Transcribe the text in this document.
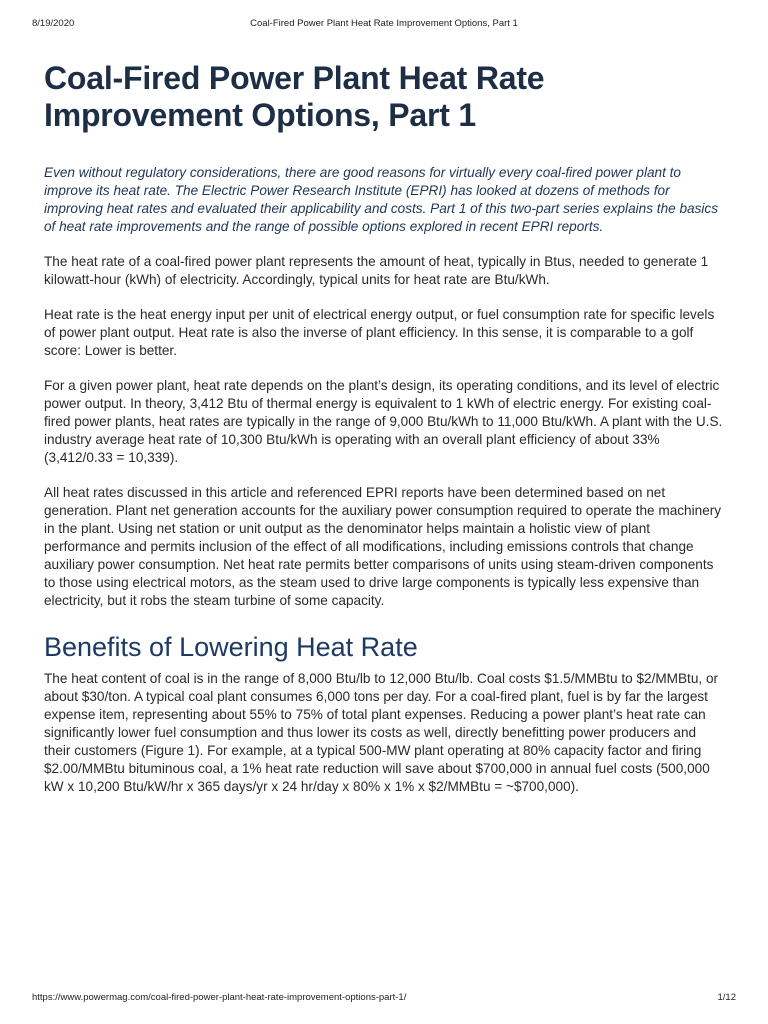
8/19/2020	Coal-Fired Power Plant Heat Rate Improvement Options, Part 1
Coal-Fired Power Plant Heat Rate Improvement Options, Part 1

Even without regulatory considerations, there are good reasons for virtually every coal-fired power plant to improve its heat rate. The Electric Power Research Institute (EPRI) has looked at dozens of methods for improving heat rates and evaluated their applicability and costs. Part 1 of this two-part series explains the basics of heat rate improvements and the range of possible options explored in recent EPRI reports.

The heat rate of a coal-fired power plant represents the amount of heat, typically in Btus, needed to generate 1 kilowatt-hour (kWh) of electricity. Accordingly, typical units for heat rate are Btu/kWh.

Heat rate is the heat energy input per unit of electrical energy output, or fuel consumption rate for specific levels of power plant output. Heat rate is also the inverse of plant efficiency. In this sense, it is comparable to a golf score: Lower is better.

For a given power plant, heat rate depends on the plant’s design, its operating conditions, and its level of electric power output. In theory, 3,412 Btu of thermal energy is equivalent to 1 kWh of electric energy. For existing coal-fired power plants, heat rates are typically in the range of 9,000 Btu/kWh to 11,000 Btu/kWh. A plant with the U.S. industry average heat rate of 10,300 Btu/kWh is operating with an overall plant efficiency of about 33% (3,412/0.33 = 10,339).

All heat rates discussed in this article and referenced EPRI reports have been determined based on net generation. Plant net generation accounts for the auxiliary power consumption required to operate the machinery in the plant. Using net station or unit output as the denominator helps maintain a holistic view of plant performance and permits inclusion of the effect of all modifications, including emissions controls that change auxiliary power consumption. Net heat rate permits better comparisons of units using steam-driven components to those using electrical motors, as the steam used to drive large components is typically less expensive than electricity, but it robs the steam turbine of some capacity.

Benefits of Lowering Heat Rate

The heat content of coal is in the range of 8,000 Btu/lb to 12,000 Btu/lb. Coal costs $1.5/MMBtu to $2/MMBtu, or about $30/ton. A typical coal plant consumes 6,000 tons per day. For a coal-fired plant, fuel is by far the largest expense item, representing about 55% to 75% of total plant expenses. Reducing a power plant’s heat rate can significantly lower fuel consumption and thus lower its costs as well, directly benefitting power producers and their customers (Figure 1). For example, at a typical 500-MW plant operating at 80% capacity factor and firing $2.00/MMBtu bituminous coal, a 1% heat rate reduction will save about $700,000 in annual fuel costs (500,000 kW x 10,200 Btu/kW/hr x 365 days/yr x 24 hr/day x 80% x 1% x $2/MMBtu = ~$700,000).

https://www.powermag.com/coal-fired-power-plant-heat-rate-improvement-options-part-1/	1/12
